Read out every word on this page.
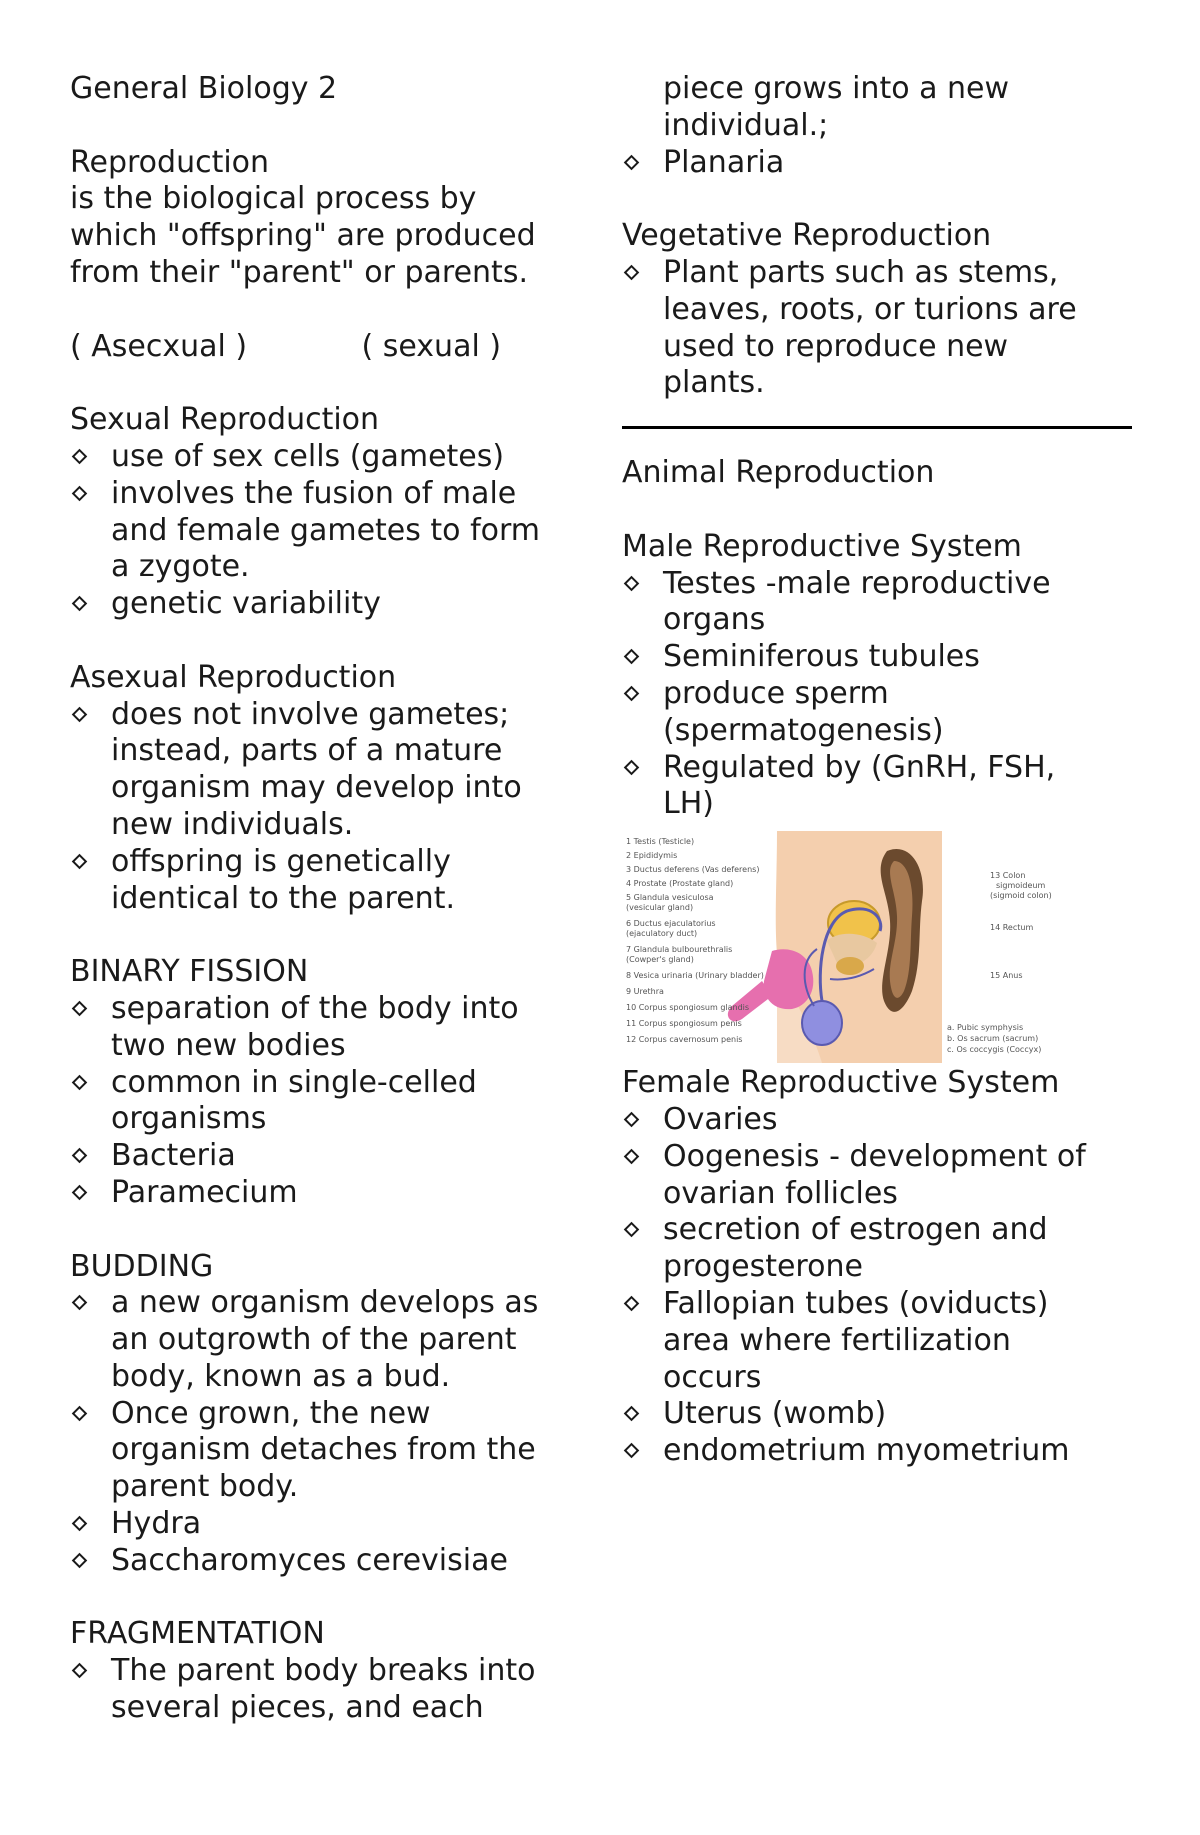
General Biology 2
Reproduction
is the biological process by
which "offspring" are produced
from their "parent" or parents.
( Asecxual )            ( sexual )
Sexual Reproduction
use of sex cells (gametes)
involves the fusion of male
and female gametes to form
a zygote.
genetic variability
Asexual Reproduction
does not involve gametes;
instead, parts of a mature
organism may develop into
new individuals.
offspring is genetically
identical to the parent.
BINARY FISSION
separation of the body into
two new bodies
common in single-celled
organisms
Bacteria
Paramecium
BUDDING
a new organism develops as
an outgrowth of the parent
body, known as a bud.
Once grown, the new
organism detaches from the
parent body.
Hydra
Saccharomyces cerevisiae
FRAGMENTATION
The parent body breaks into
several pieces, and each
piece grows into a new
individual.;
Planaria
Vegetative Reproduction
Plant parts such as stems,
leaves, roots, or turions are
used to reproduce new
plants.
Animal Reproduction
Male Reproductive System
Testes -male reproductive
organs
Seminiferous tubules
produce sperm
(spermatogenesis)
Regulated by (GnRH, FSH,
LH)
1 Testis (Testicle)
2 Epididymis
3 Ductus deferens (Vas deferens)
4 Prostate (Prostate gland)
5 Glandula vesiculosa
(vesicular gland)
6 Ductus ejaculatorius
(ejaculatory duct)
7 Glandula bulbourethralis
(Cowper's gland)
8 Vesica urinaria (Urinary bladder)
9 Urethra
10 Corpus spongiosum glandis
11 Corpus spongiosum penis
12 Corpus cavernosum penis
13 Colon
sigmoideum
(sigmoid colon)
14 Rectum
15 Anus
a. Pubic symphysis
b. Os sacrum (sacrum)
c. Os coccygis (Coccyx)
Female Reproductive System
Ovaries
Oogenesis - development of
ovarian follicles
secretion of estrogen and
progesterone
Fallopian tubes (oviducts)
area where fertilization
occurs
Uterus (womb)
endometrium myometrium
